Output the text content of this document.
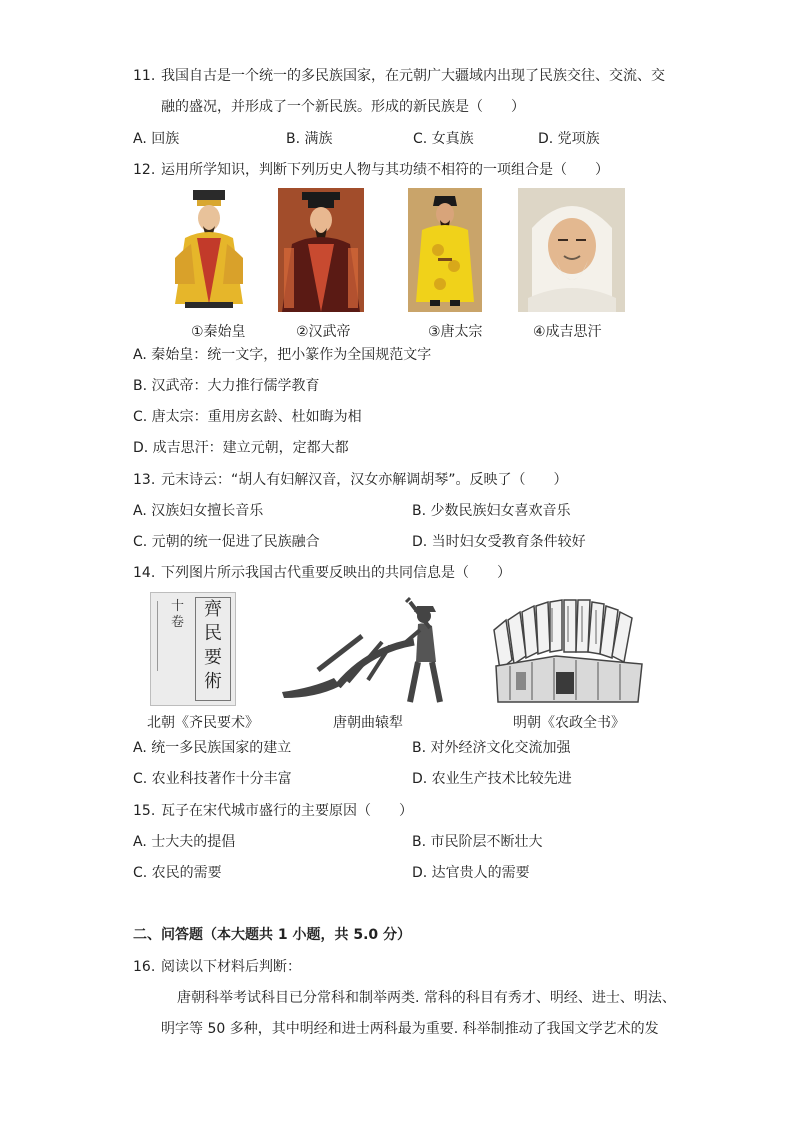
11. 我国自古是一个统一的多民族国家，在元朝广大疆域内出现了民族交往、交流、交
融的盛况，并形成了一个新民族。形成的新民族是（　　）
A. 回族	B. 满族	C. 女真族	D. 党项族
12. 运用所学知识，判断下列历史人物与其功绩不相符的一项组合是（　　）
①秦始皇	②汉武帝	③唐太宗	④成吉思汗
A. 秦始皇：统一文字，把小篆作为全国规范文字
B. 汉武帝：大力推行儒学教育
C. 唐太宗：重用房玄龄、杜如晦为相
D. 成吉思汗：建立元朝，定都大都
13. 元末诗云：“胡人有妇解汉音，汉女亦解调胡琴”。反映了（　　）
A. 汉族妇女擅长音乐	B. 少数民族妇女喜欢音乐
C. 元朝的统一促进了民族融合	D. 当时妇女受教育条件较好
14. 下列图片所示我国古代重要反映出的共同信息是（　　）
十卷
齊
民
要
術
北朝《齐民要术》	唐朝曲辕犁	明朝《农政全书》
A. 统一多民族国家的建立	B. 对外经济文化交流加强
C. 农业科技著作十分丰富	D. 农业生产技术比较先进
15. 瓦子在宋代城市盛行的主要原因（　　）
A. 士大夫的提倡	B. 市民阶层不断壮大
C. 农民的需要	D. 达官贵人的需要
二、问答题（本大题共 1 小题，共 5.0 分）
16. 阅读以下材料后判断：
唐朝科举考试科目已分常科和制举两类. 常科的科目有秀才、明经、进士、明法、
明字等 50 多种，其中明经和进士两科最为重要. 科举制推动了我国文学艺术的发
